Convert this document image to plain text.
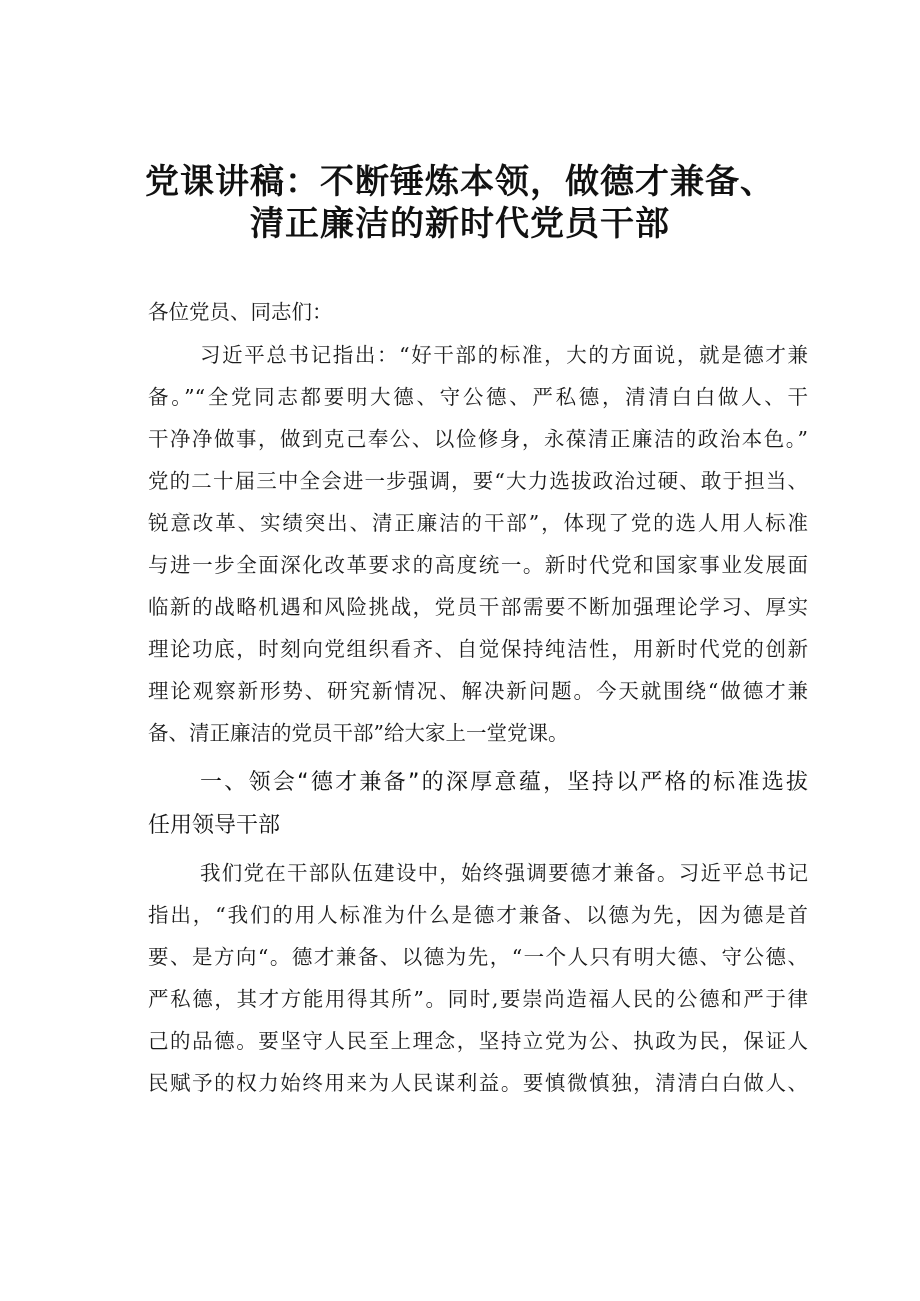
党课讲稿：不断锤炼本领，做德才兼备、
清正廉洁的新时代党员干部

各位党员、同志们：

习近平总书记指出：“好干部的标准，大的方面说，就是德才兼

备。”“全党同志都要明大德、守公德、严私德，清清白白做人、干

干净净做事，做到克己奉公、以俭修身，永葆清正廉洁的政治本色。”

党的二十届三中全会进一步强调，要“大力选拔政治过硬、敢于担当、

锐意改革、实绩突出、清正廉洁的干部”，体现了党的选人用人标准

与进一步全面深化改革要求的高度统一。新时代党和国家事业发展面

临新的战略机遇和风险挑战，党员干部需要不断加强理论学习、厚实

理论功底，时刻向党组织看齐、自觉保持纯洁性，用新时代党的创新

理论观察新形势、研究新情况、解决新问题。今天就围绕“做德才兼

备、清正廉洁的党员干部”给大家上一堂党课。

一、领会“德才兼备”的深厚意蕴，坚持以严格的标准选拔
任用领导干部

我们党在干部队伍建设中，始终强调要德才兼备。习近平总书记

指出，“我们的用人标准为什么是德才兼备、以德为先，因为德是首

要、是方向“。德才兼备、以德为先，“一个人只有明大德、守公德、

严私德，其才方能用得其所”。同时,要崇尚造福人民的公德和严于律

己的品德。要坚守人民至上理念，坚持立党为公、执政为民，保证人

民赋予的权力始终用来为人民谋利益。要慎微慎独，清清白白做人、
